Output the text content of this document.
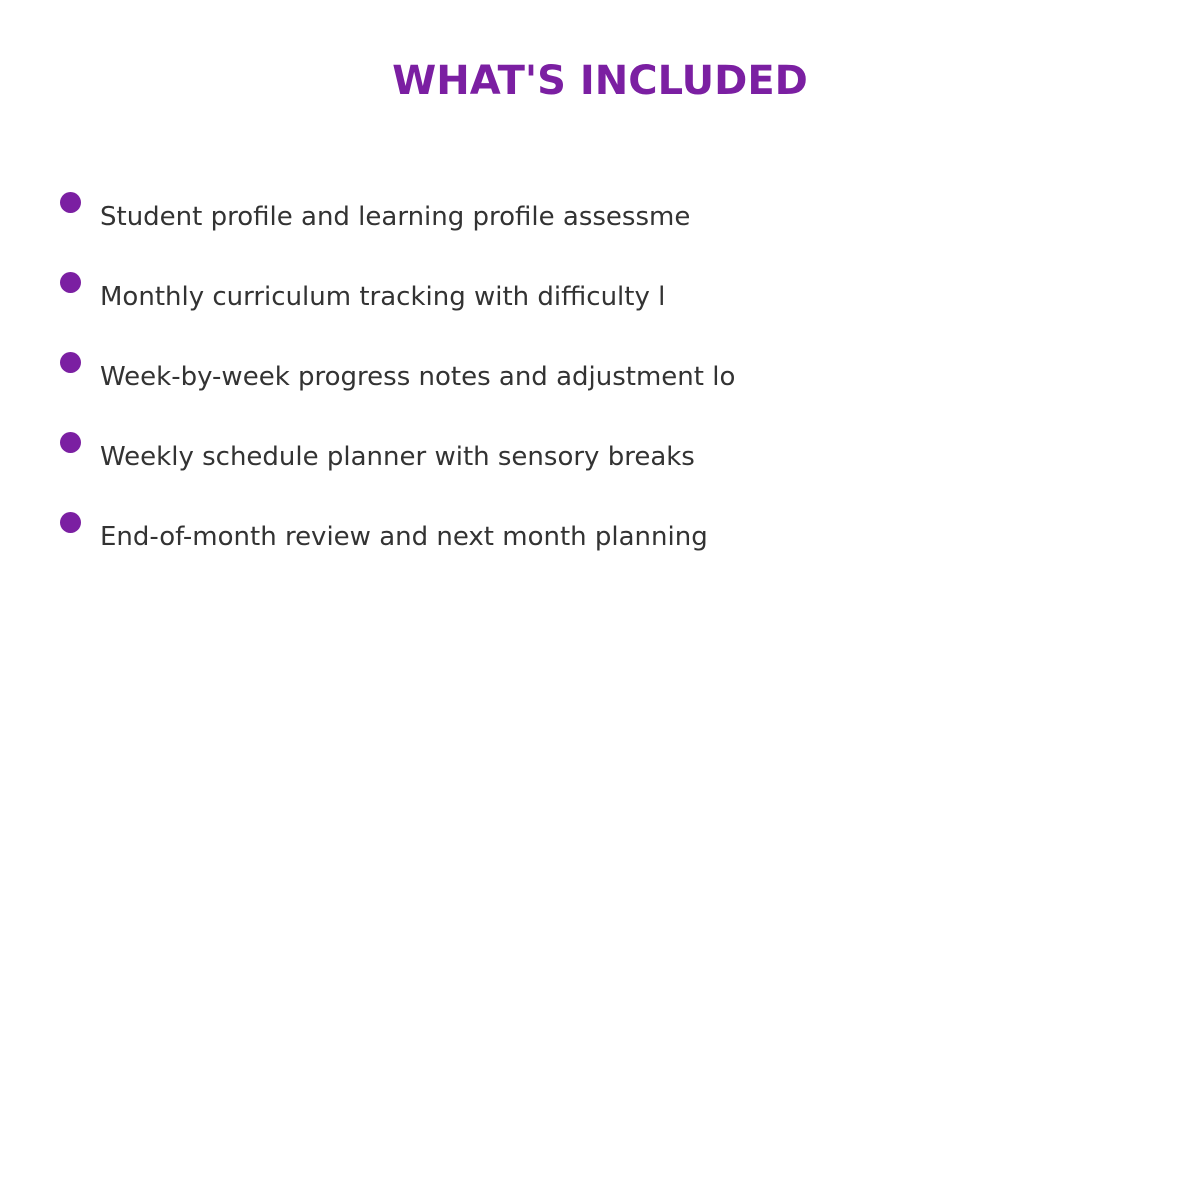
WHAT'S INCLUDED
Student profile and learning profile assessme
Monthly curriculum tracking with difficulty l
Week-by-week progress notes and adjustment lo
Weekly schedule planner with sensory breaks
End-of-month review and next month planning
